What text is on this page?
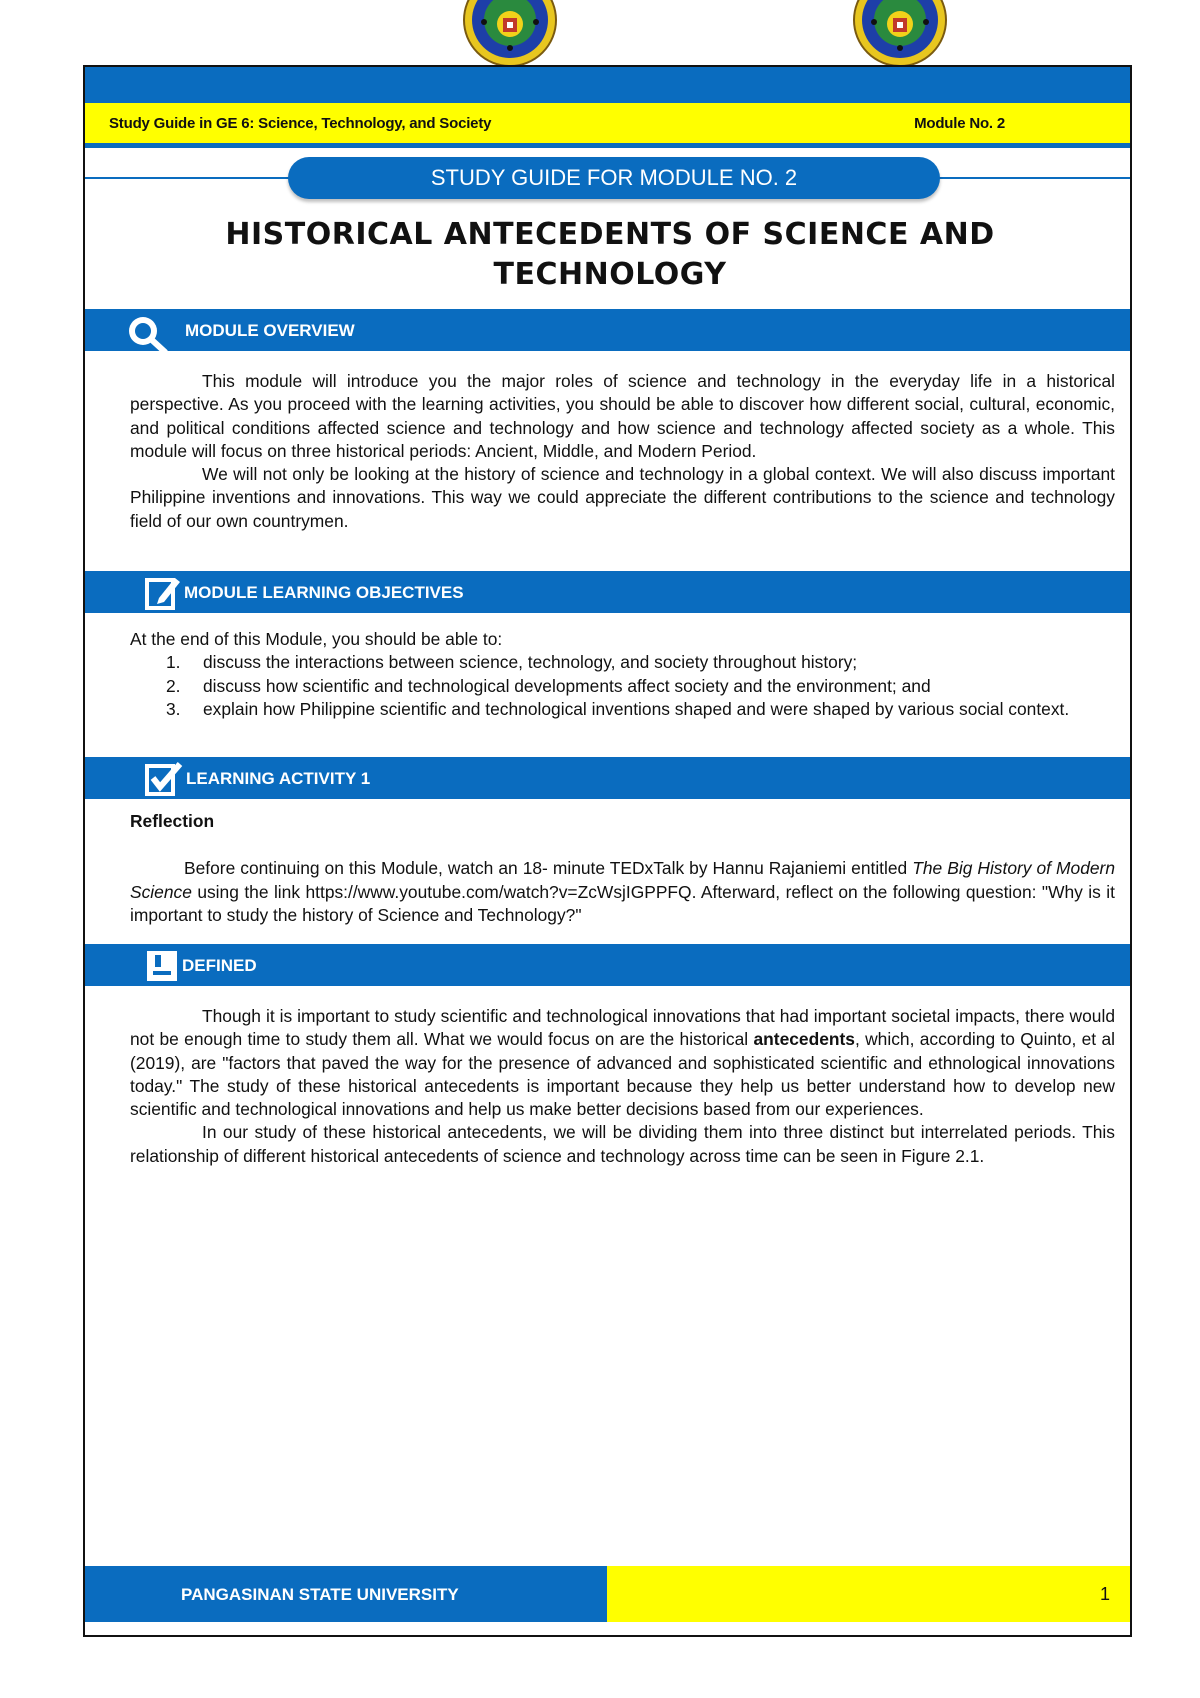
Study Guide in GE 6: Science, Technology, and Society	Module No. 2
STUDY GUIDE FOR MODULE NO. 2
HISTORICAL ANTECEDENTS OF SCIENCE AND TECHNOLOGY
MODULE OVERVIEW

This module will introduce you the major roles of science and technology in the everyday life in a historical perspective. As you proceed with the learning activities, you should be able to discover how different social, cultural, economic, and political conditions affected science and technology and how science and technology affected society as a whole. This module will focus on three historical periods: Ancient, Middle, and Modern Period.

We will not only be looking at the history of science and technology in a global context. We will also discuss important Philippine inventions and innovations. This way we could appreciate the different contributions to the science and technology field of our own countrymen.

MODULE LEARNING OBJECTIVES

At the end of this Module, you should be able to:

1. discuss the interactions between science, technology, and society throughout history;
2. discuss how scientific and technological developments affect society and the environment; and
3. explain how Philippine scientific and technological inventions shaped and were shaped by various social context.
LEARNING ACTIVITY 1

Reflection

Before continuing on this Module, watch an 18- minute TEDxTalk by Hannu Rajaniemi entitled The Big History of Modern Science using the link https://www.youtube.com/watch?v=ZcWsjIGPPFQ. Afterward, reflect on the following question: "Why is it important to study the history of Science and Technology?"

DEFINED

Though it is important to study scientific and technological innovations that had important societal impacts, there would not be enough time to study them all. What we would focus on are the historical antecedents, which, according to Quinto, et al (2019), are "factors that paved the way for the presence of advanced and sophisticated scientific and ethnological innovations today." The study of these historical antecedents is important because they help us better understand how to develop new scientific and technological innovations and help us make better decisions based from our experiences.

In our study of these historical antecedents, we will be dividing them into three distinct but interrelated periods. This relationship of different historical antecedents of science and technology across time can be seen in Figure 2.1.

PANGASINAN STATE UNIVERSITY	1
